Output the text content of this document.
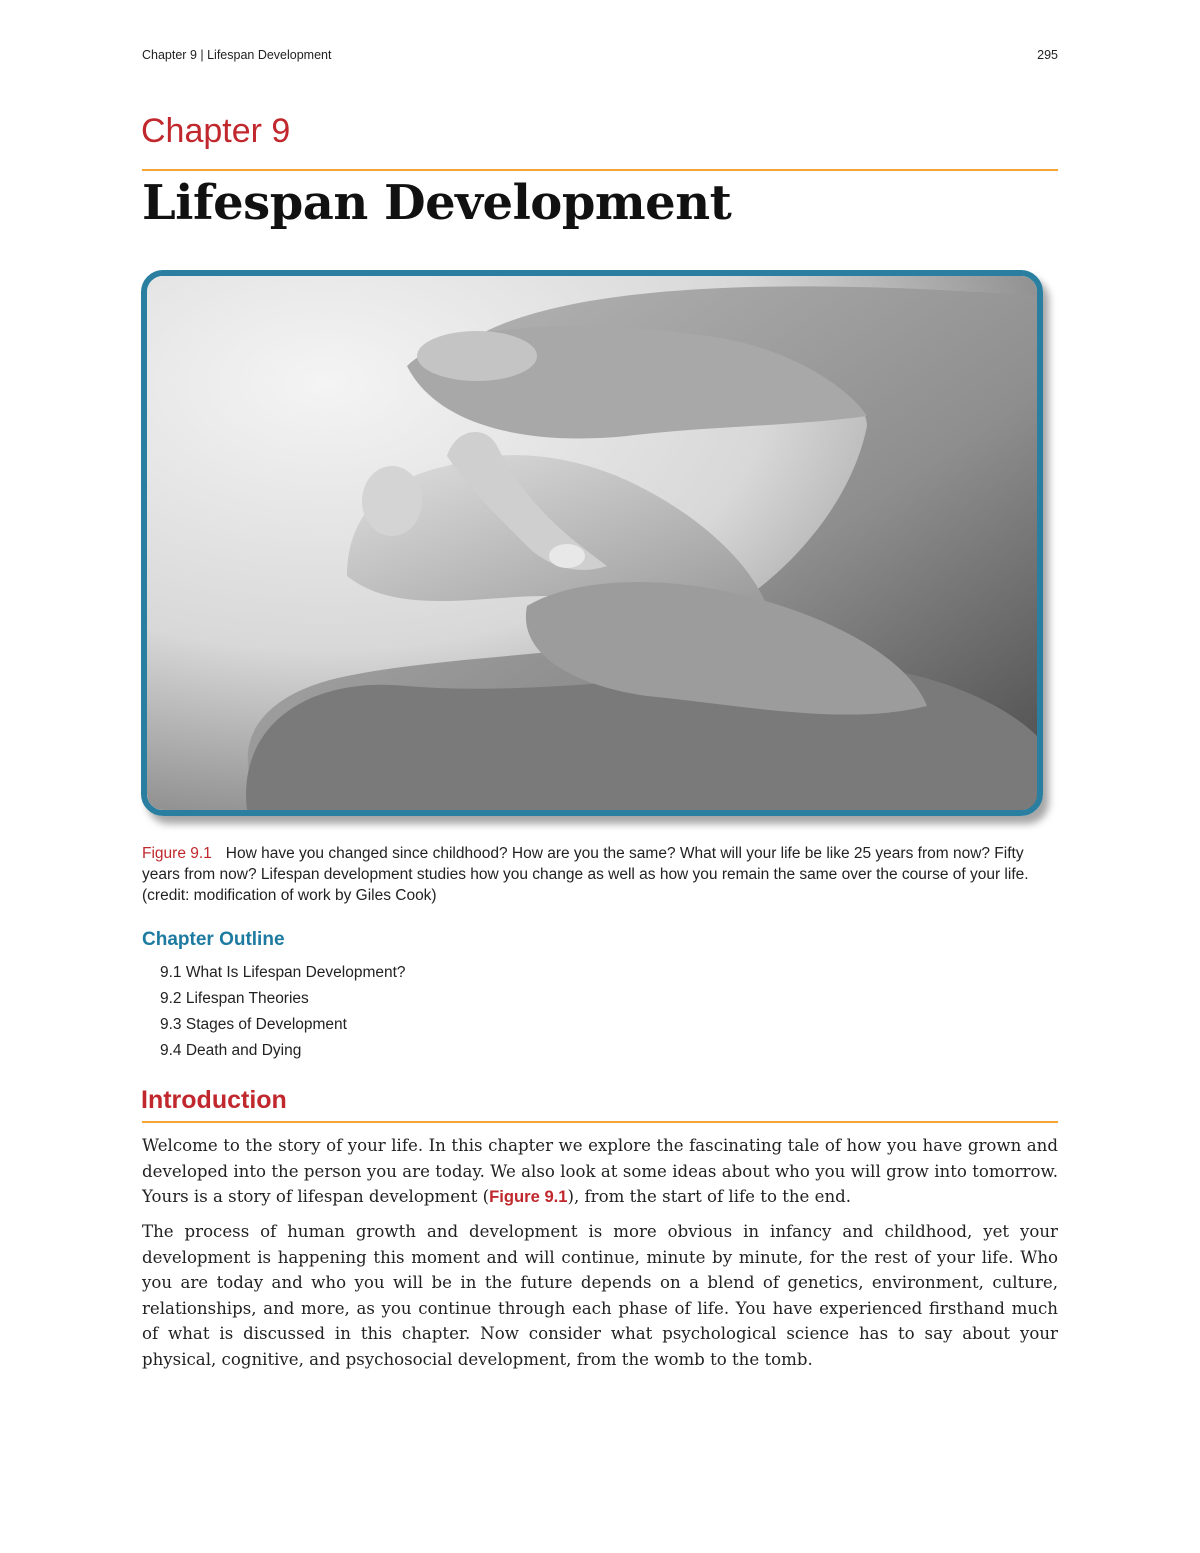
Chapter 9 | Lifespan Development	295
Chapter 9
Lifespan Development
Figure 9.1 How have you changed since childhood? How are you the same? What will your life be like 25 years from now? Fifty years from now? Lifespan development studies how you change as well as how you remain the same over the course of your life. (credit: modification of work by Giles Cook)
Chapter Outline
9.1 What Is Lifespan Development?
9.2 Lifespan Theories
9.3 Stages of Development
9.4 Death and Dying
Introduction

Welcome to the story of your life. In this chapter we explore the fascinating tale of how you have grown and developed into the person you are today. We also look at some ideas about who you will grow into tomorrow. Yours is a story of lifespan development (Figure 9.1), from the start of life to the end.

The process of human growth and development is more obvious in infancy and childhood, yet your development is happening this moment and will continue, minute by minute, for the rest of your life. Who you are today and who you will be in the future depends on a blend of genetics, environment, culture, relationships, and more, as you continue through each phase of life. You have experienced firsthand much of what is discussed in this chapter. Now consider what psychological science has to say about your physical, cognitive, and psychosocial development, from the womb to the tomb.
